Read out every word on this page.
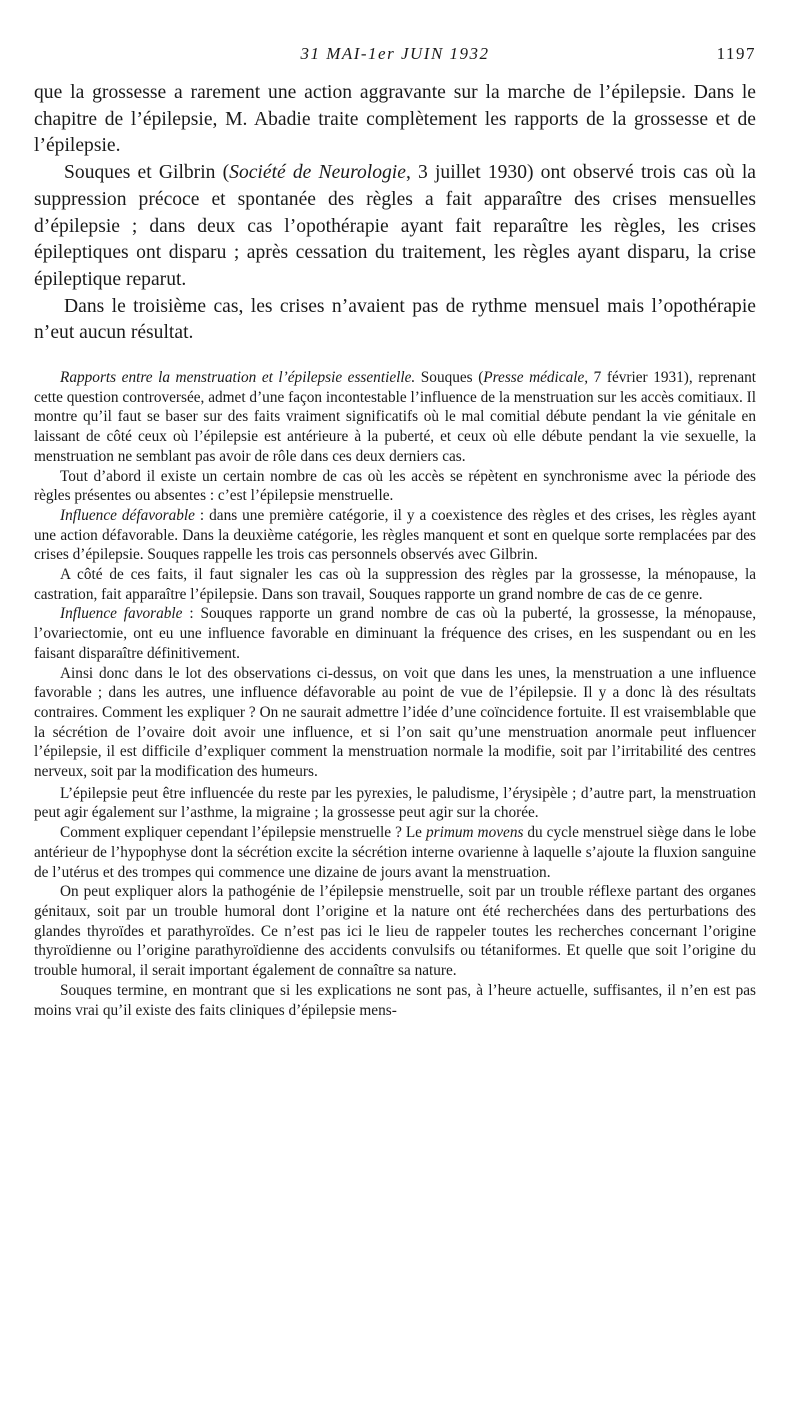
31 MAI-1er JUIN 1932	1197

que la grossesse a rarement une action aggravante sur la marche de l’épilepsie. Dans le chapitre de l’épilepsie, M. Abadie traite complètement les rapports de la grossesse et de l’épilepsie.

Souques et Gilbrin (Société de Neurologie, 3 juillet 1930) ont observé trois cas où la suppression précoce et spontanée des règles a fait apparaître des crises mensuelles d’épilepsie ; dans deux cas l’opothérapie ayant fait reparaître les règles, les crises épileptiques ont disparu ; après cessation du traitement, les règles ayant disparu, la crise épileptique reparut.

Dans le troisième cas, les crises n’avaient pas de rythme mensuel mais l’opothérapie n’eut aucun résultat.

Rapports entre la menstruation et l’épilepsie essentielle. Souques (Presse médicale, 7 février 1931), reprenant cette question controversée, admet d’une façon incontestable l’influence de la menstruation sur les accès comitiaux. Il montre qu’il faut se baser sur des faits vraiment significatifs où le mal comitial débute pendant la vie génitale en laissant de côté ceux où l’épilepsie est antérieure à la puberté, et ceux où elle débute pendant la vie sexuelle, la menstruation ne semblant pas avoir de rôle dans ces deux derniers cas.

Tout d’abord il existe un certain nombre de cas où les accès se répètent en synchronisme avec la période des règles présentes ou absentes : c’est l’épilepsie menstruelle.

Influence défavorable : dans une première catégorie, il y a coexistence des règles et des crises, les règles ayant une action défavorable. Dans la deuxième catégorie, les règles manquent et sont en quelque sorte remplacées par des crises d’épilepsie. Souques rappelle les trois cas personnels observés avec Gilbrin.

A côté de ces faits, il faut signaler les cas où la suppression des règles par la grossesse, la ménopause, la castration, fait apparaître l’épilepsie. Dans son travail, Souques rapporte un grand nombre de cas de ce genre.

Influence favorable : Souques rapporte un grand nombre de cas où la puberté, la grossesse, la ménopause, l’ovariectomie, ont eu une influence favorable en diminuant la fréquence des crises, en les suspendant ou en les faisant disparaître définitivement.

Ainsi donc dans le lot des observations ci-dessus, on voit que dans les unes, la menstruation a une influence favorable ; dans les autres, une influence défavorable au point de vue de l’épilepsie. Il y a donc là des résultats contraires. Comment les expliquer ? On ne saurait admettre l’idée d’une coïncidence fortuite. Il est vraisemblable que la sécrétion de l’ovaire doit avoir une influence, et si l’on sait qu’une menstruation anormale peut influencer l’épilepsie, il est difficile d’expliquer comment la menstruation normale la modifie, soit par l’irritabilité des centres nerveux, soit par la modification des humeurs.

L’épilepsie peut être influencée du reste par les pyrexies, le paludisme, l’érysipèle ; d’autre part, la menstruation peut agir également sur l’asthme, la migraine ; la grossesse peut agir sur la chorée.

Comment expliquer cependant l’épilepsie menstruelle ? Le primum movens du cycle menstruel siège dans le lobe antérieur de l’hypophyse dont la sécrétion excite la sécrétion interne ovarienne à laquelle s’ajoute la fluxion sanguine de l’utérus et des trompes qui commence une dizaine de jours avant la menstruation.

On peut expliquer alors la pathogénie de l’épilepsie menstruelle, soit par un trouble réflexe partant des organes génitaux, soit par un trouble humoral dont l’origine et la nature ont été recherchées dans des perturbations des glandes thyroïdes et parathyroïdes. Ce n’est pas ici le lieu de rappeler toutes les recherches concernant l’origine thyroïdienne ou l’origine parathyroïdienne des accidents convulsifs ou tétaniformes. Et quelle que soit l’origine du trouble humoral, il serait important également de connaître sa nature.

Souques termine, en montrant que si les explications ne sont pas, à l’heure actuelle, suffisantes, il n’en est pas moins vrai qu’il existe des faits cliniques d’épilepsie mens-
